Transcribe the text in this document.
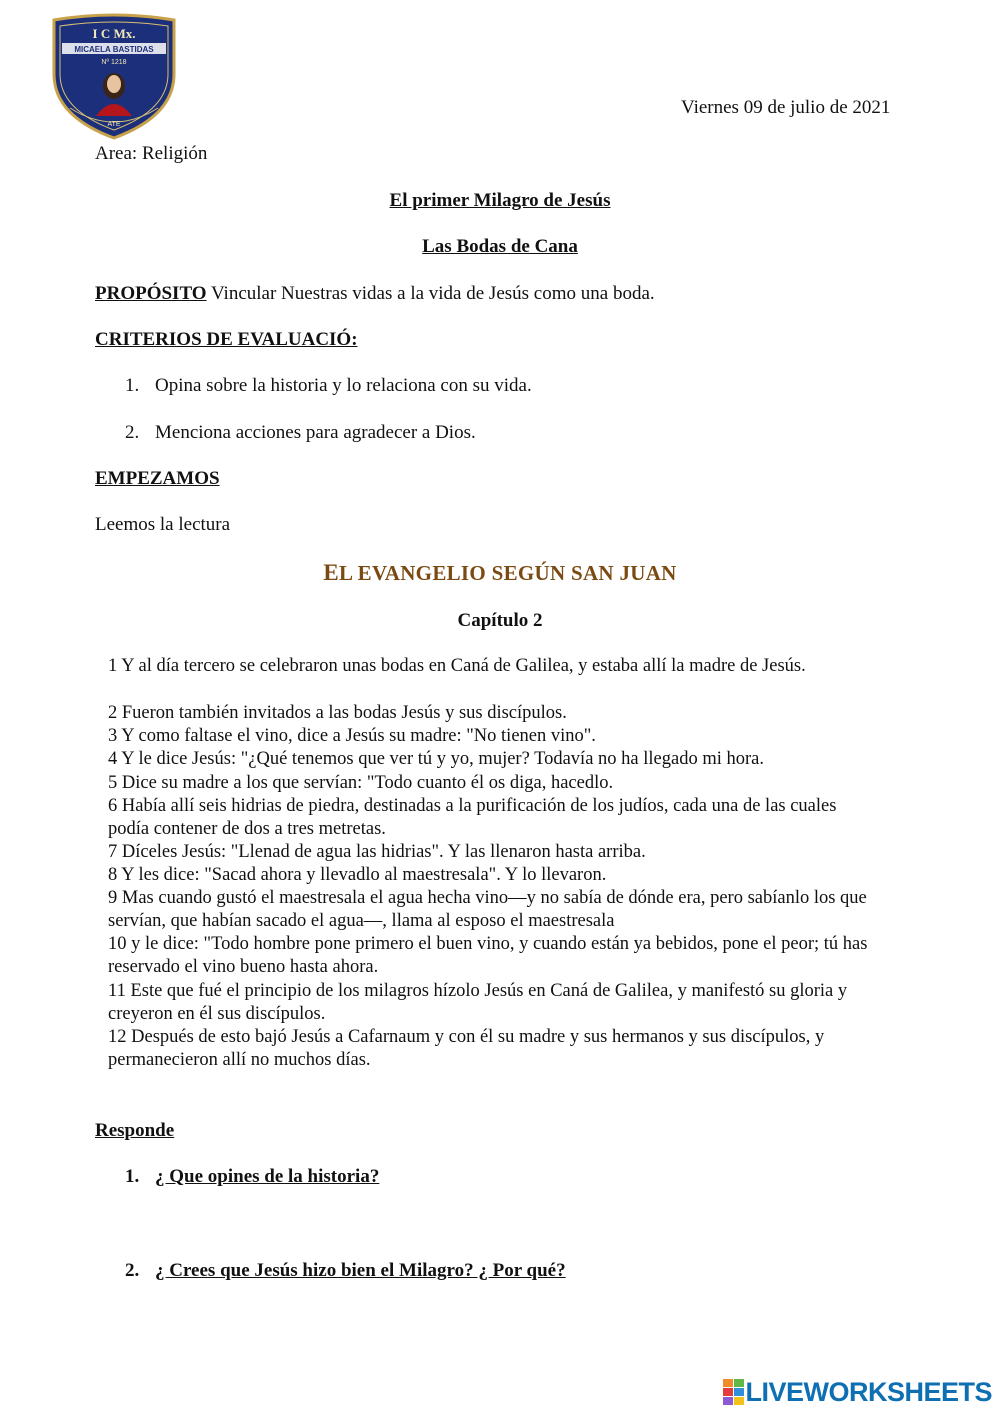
I C Mx.
MICAELA BASTIDAS
Nº 1218
ATE
Viernes 09 de julio de 2021
Area: Religión
El primer Milagro de Jesús
Las Bodas de Cana
PROPÓSITO Vincular Nuestras vidas a la vida de Jesús como una boda.
CRITERIOS DE EVALUACIÓ:
1. Opina sobre la historia y lo relaciona con su vida.
2. Menciona acciones para agradecer a Dios.
EMPEZAMOS
Leemos la lectura
EL EVANGELIO SEGÚN SAN JUAN
Capítulo 2
1 Y al día tercero se celebraron unas bodas en Caná de Galilea, y estaba allí la madre de Jesús.
2 Fueron también invitados a las bodas Jesús y sus discípulos.
3 Y como faltase el vino, dice a Jesús su madre: "No tienen vino".
4 Y le dice Jesús: "¿Qué tenemos que ver tú y yo, mujer? Todavía no ha llegado mi hora.
5 Dice su madre a los que servían: "Todo cuanto él os diga, hacedlo.
6 Había allí seis hidrias de piedra, destinadas a la purificación de los judíos, cada una de las cuales podía contener de dos a tres metretas.
7 Díceles Jesús: "Llenad de agua las hidrias". Y las llenaron hasta arriba.
8 Y les dice: "Sacad ahora y llevadlo al maestresala". Y lo llevaron.
9 Mas cuando gustó el maestresala el agua hecha vino—y no sabía de dónde era, pero sabíanlo los que servían, que habían sacado el agua—, llama al esposo el maestresala
10 y le dice: "Todo hombre pone primero el buen vino, y cuando están ya bebidos, pone el peor; tú has reservado el vino bueno hasta ahora.
11 Este que fué el principio de los milagros hízolo Jesús en Caná de Galilea, y manifestó su gloria y creyeron en él sus discípulos.
12 Después de esto bajó Jesús a Cafarnaum y con él su madre y sus hermanos y sus discípulos, y permanecieron allí no muchos días.
Responde
1. ¿ Que opines de la historia?
2. ¿ Crees que Jesús hizo bien el Milagro? ¿ Por qué?
LIVEWORKSHEETS
